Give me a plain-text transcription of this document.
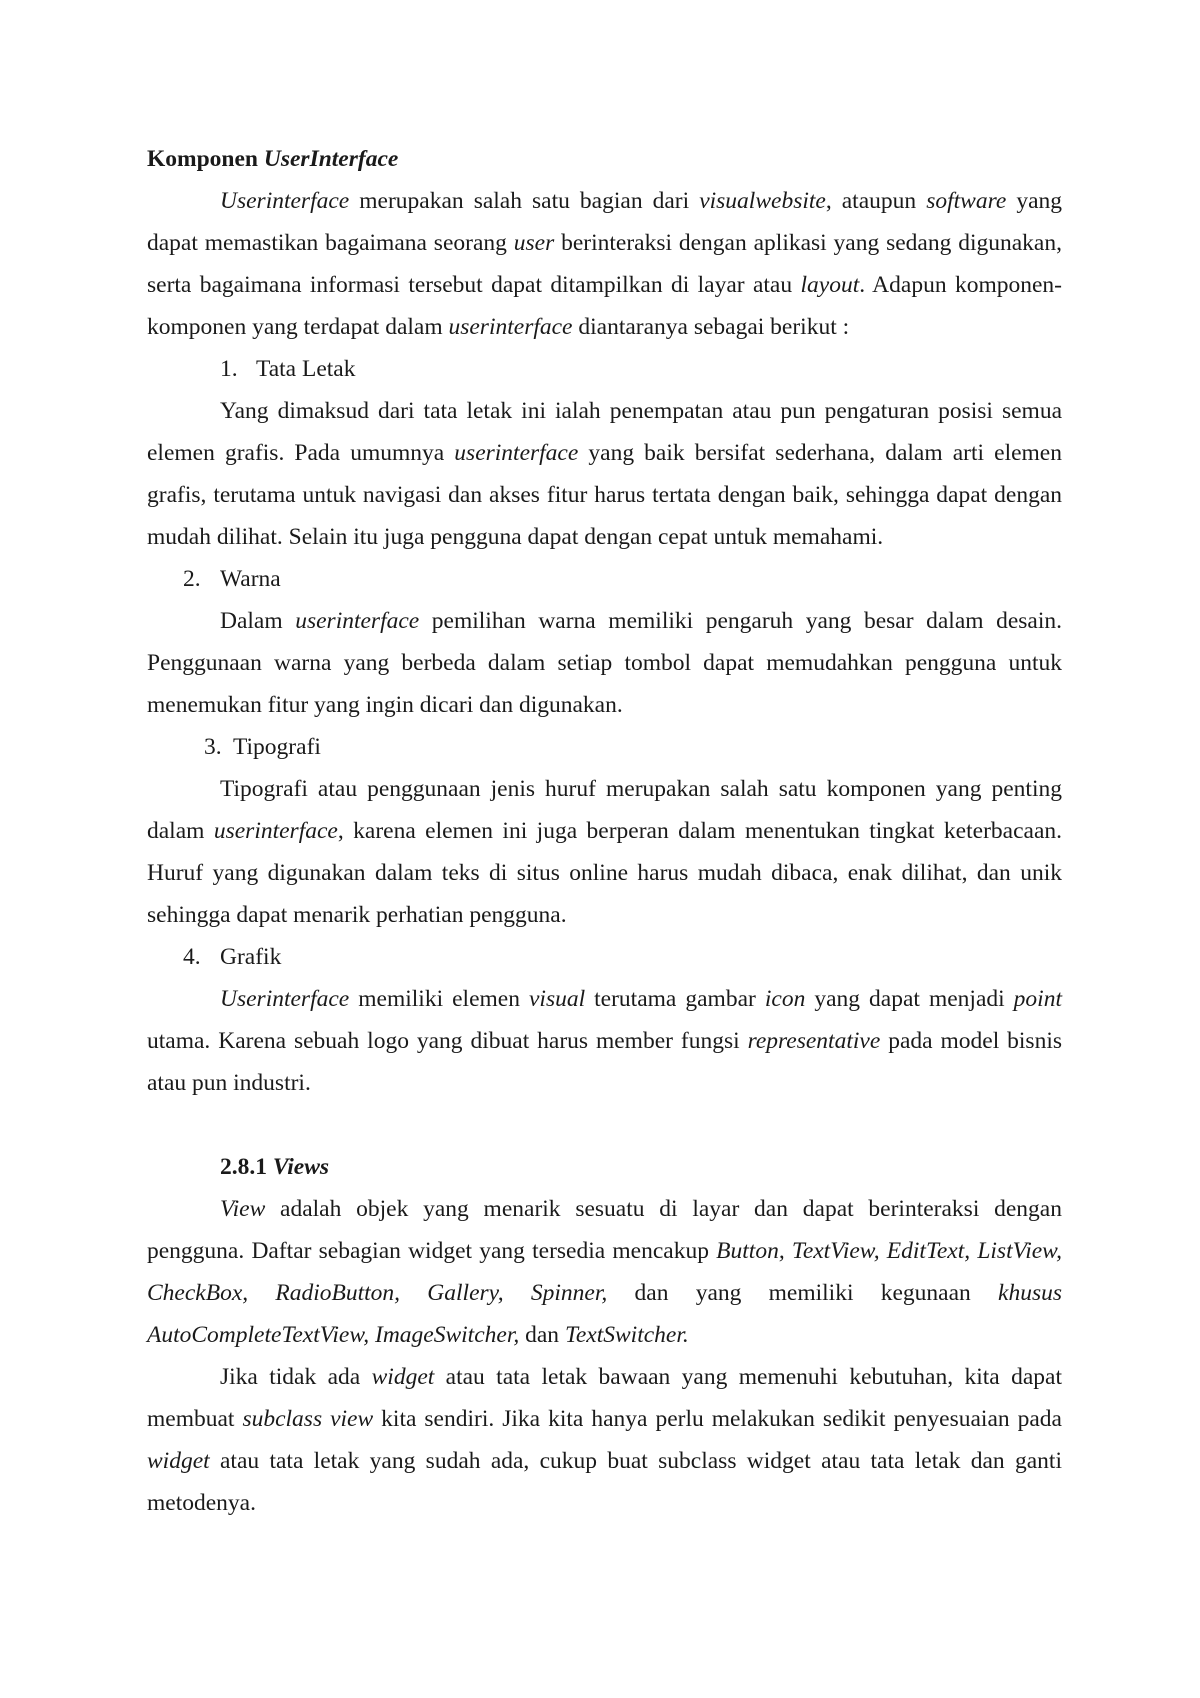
Komponen UserInterface

Userinterface merupakan salah satu bagian dari visualwebsite, ataupun software yang dapat memastikan bagaimana seorang user berinteraksi dengan aplikasi yang sedang digunakan, serta bagaimana informasi tersebut dapat ditampilkan di layar atau layout. Adapun komponen-komponen yang terdapat dalam userinterface diantaranya sebagai berikut :

1. Tata Letak

Yang dimaksud dari tata letak ini ialah penempatan atau pun pengaturan posisi semua elemen grafis. Pada umumnya userinterface yang baik bersifat sederhana, dalam arti elemen grafis, terutama untuk navigasi dan akses fitur harus tertata dengan baik, sehingga dapat dengan mudah dilihat. Selain itu juga pengguna dapat dengan cepat untuk memahami.

2. Warna

Dalam userinterface pemilihan warna memiliki pengaruh yang besar dalam desain. Penggunaan warna yang berbeda dalam setiap tombol dapat memudahkan pengguna untuk menemukan fitur yang ingin dicari dan digunakan.

3. Tipografi

Tipografi atau penggunaan jenis huruf merupakan salah satu komponen yang penting dalam userinterface, karena elemen ini juga berperan dalam menentukan tingkat keterbacaan. Huruf yang digunakan dalam teks di situs online harus mudah dibaca, enak dilihat, dan unik sehingga dapat menarik perhatian pengguna.

4. Grafik

Userinterface memiliki elemen visual terutama gambar icon yang dapat menjadi point utama. Karena sebuah logo yang dibuat harus member fungsi representative pada model bisnis atau pun industri.

2.8.1 Views

View adalah objek yang menarik sesuatu di layar dan dapat berinteraksi dengan pengguna. Daftar sebagian widget yang tersedia mencakup Button, TextView, EditText, ListView, CheckBox, RadioButton, Gallery, Spinner, dan yang memiliki kegunaan khusus AutoCompleteTextView, ImageSwitcher, dan TextSwitcher.

Jika tidak ada widget atau tata letak bawaan yang memenuhi kebutuhan, kita dapat membuat subclass view kita sendiri. Jika kita hanya perlu melakukan sedikit penyesuaian pada widget atau tata letak yang sudah ada, cukup buat subclass widget atau tata letak dan ganti metodenya.
